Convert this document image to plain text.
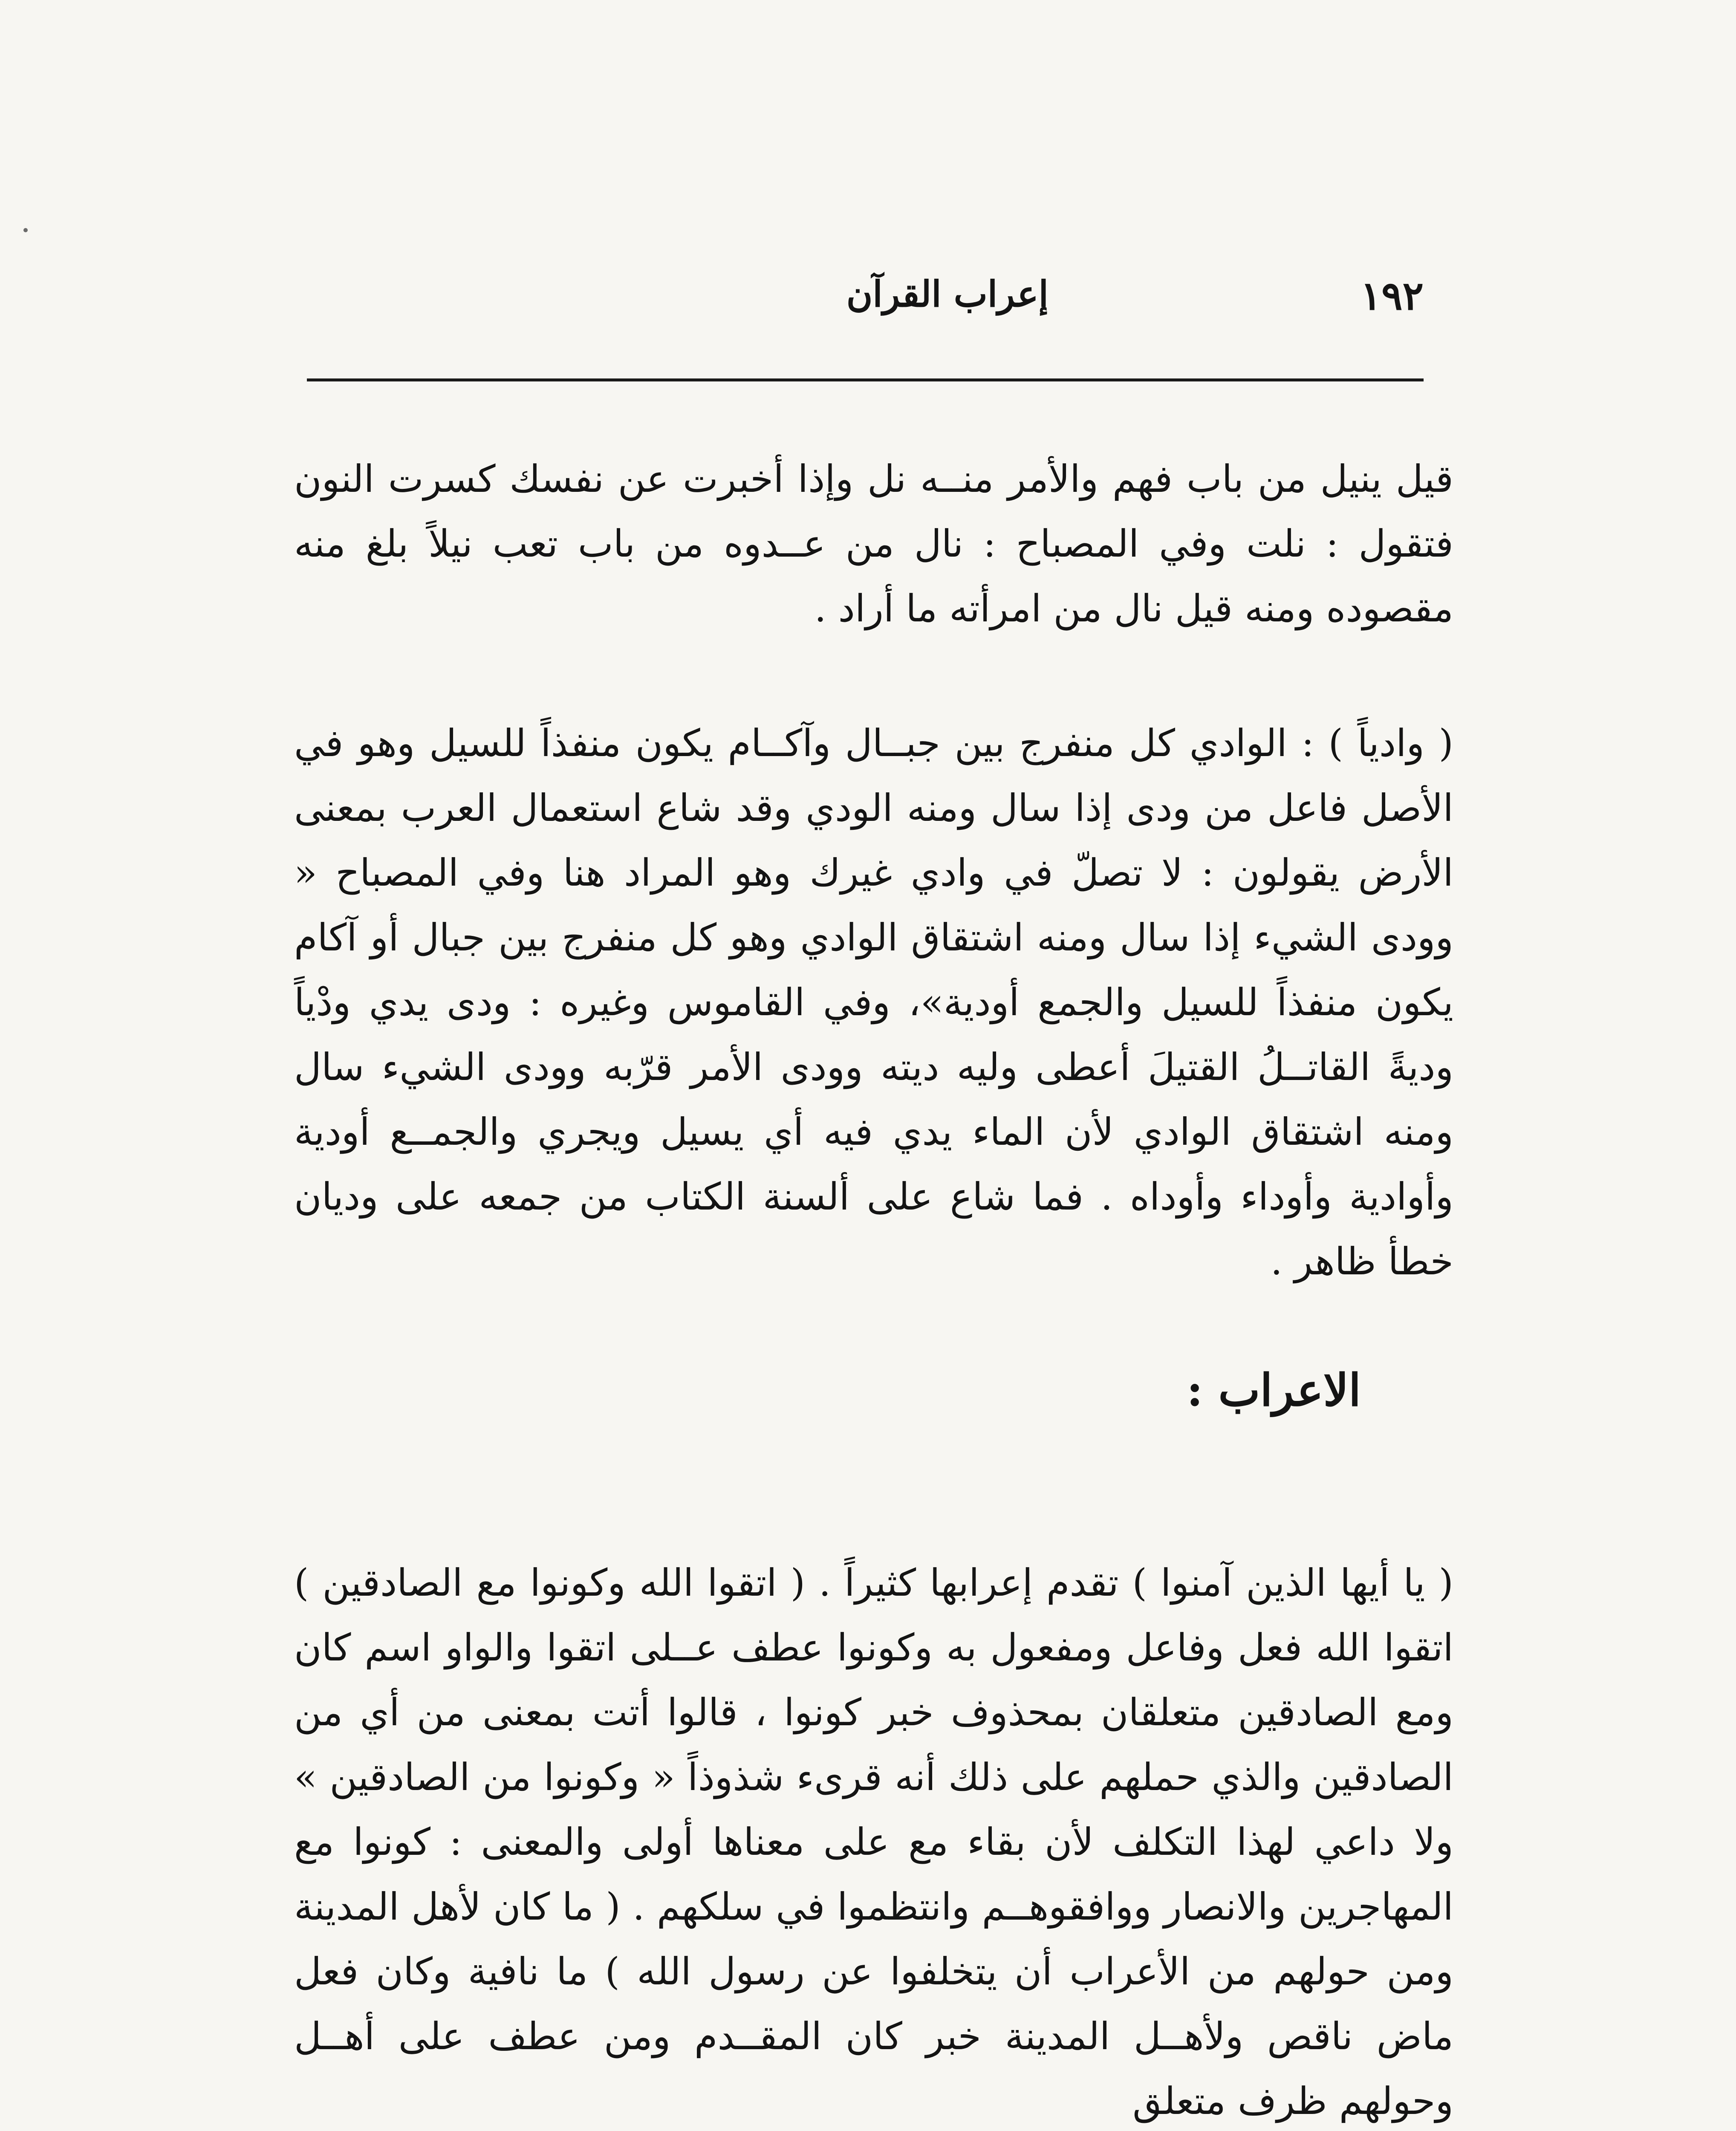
١٩٢
إعراب القرآن

قيل ينيل من باب فهم والأمر منــه نل وإذا أخبرت عن نفسك كسرت النون فتقول : نلت وفي المصباح : نال من عــدوه من باب تعب نيلاً بلغ منه مقصوده ومنه قيل نال من امرأته ما أراد .

( وادياً ) : الوادي كل منفرج بين جبــال وآكــام يكون منفذاً للسيل وهو في الأصل فاعل من ودى إذا سال ومنه الودي وقد شاع استعمال العرب بمعنى الأرض يقولون : لا تصلّ في وادي غيرك وهو المراد هنا وفي المصباح « وودى الشيء إذا سال ومنه اشتقاق الوادي وهو كل منفرج بين جبال أو آكام يكون منفذاً للسيل والجمع أودية»، وفي القاموس وغيره : ودى يدي ودْياً وديةً القاتــلُ القتيلَ أعطى وليه ديته وودى الأمر قرّبه وودى الشيء سال ومنه اشتقاق الوادي لأن الماء يدي فيه أي يسيل ويجري والجمــع أودية وأوادية وأوداء وأوداه . فما شاع على ألسنة الكتاب من جمعه على وديان خطأ ظاهر .

الاعراب :

( يا أيها الذين آمنوا ) تقدم إعرابها كثيراً . ( اتقوا الله وكونوا مع الصادقين ) اتقوا الله فعل وفاعل ومفعول به وكونوا عطف عــلى اتقوا والواو اسم كان ومع الصادقين متعلقان بمحذوف خبر كونوا ، قالوا أتت بمعنى من أي من الصادقين والذي حملهم على ذلك أنه قرىء شذوذاً « وكونوا من الصادقين » ولا داعي لهذا التكلف لأن بقاء مع على معناها أولى والمعنى : كونوا مع المهاجرين والانصار ووافقوهــم وانتظموا في سلكهم . ( ما كان لأهل المدينة ومن حولهم من الأعراب أن يتخلفوا عن رسول الله ) ما نافية وكان فعل ماض ناقص ولأهــل المدينة خبر كان المقــدم ومن عطف على أهــل وحولهم ظرف متعلق
